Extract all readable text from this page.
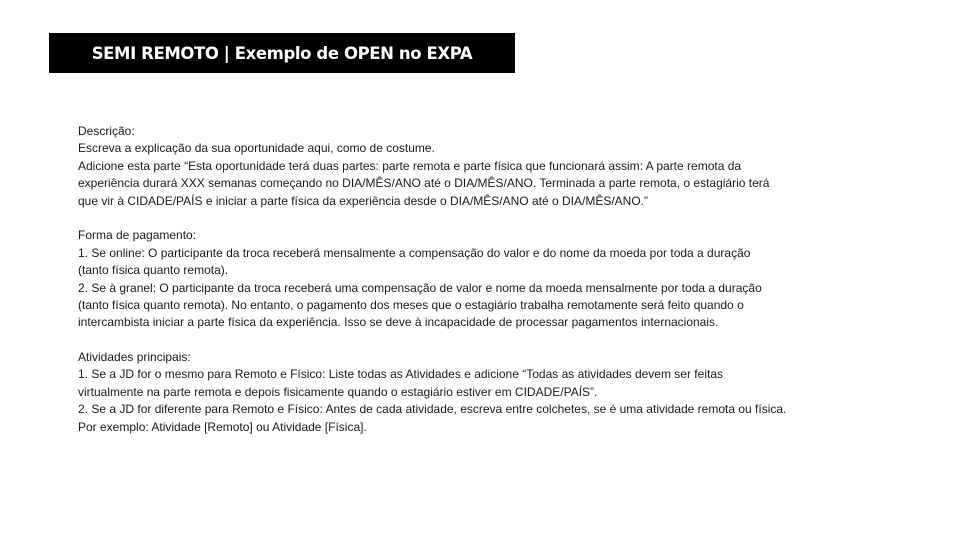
SEMI REMOTO | Exemplo de OPEN no EXPA
Descrição:
Escreva a explicação da sua oportunidade aqui, como de costume.
Adicione esta parte “Esta oportunidade terá duas partes: parte remota e parte física que funcionará assim: A parte remota da
experiência durará XXX semanas começando no DIA/MÊS/ANO até o DIA/MÊS/ANO. Terminada a parte remota, o estagiário terá
que vir à CIDADE/PAÍS e iniciar a parte física da experiência desde o DIA/MÊS/ANO até o DIA/MÊS/ANO.”
Forma de pagamento:
1. Se online: O participante da troca receberá mensalmente a compensação do valor e do nome da moeda por toda a duração
(tanto física quanto remota).
2. Se à granel: O participante da troca receberá uma compensação de valor e nome da moeda mensalmente por toda a duração
(tanto física quanto remota). No entanto, o pagamento dos meses que o estagiário trabalha remotamente será feito quando o
intercambista iniciar a parte física da experiência. Isso se deve à incapacidade de processar pagamentos internacionais.
Atividades principais:
1. Se a JD for o mesmo para Remoto e Físico: Liste todas as Atividades e adicione “Todas as atividades devem ser feitas
virtualmente na parte remota e depois fisicamente quando o estagiário estiver em CIDADE/PAÍS”.
2. Se a JD for diferente para Remoto e Físico: Antes de cada atividade, escreva entre colchetes, se é uma atividade remota ou física.
Por exemplo: Atividade [Remoto] ou Atividade [Física].
